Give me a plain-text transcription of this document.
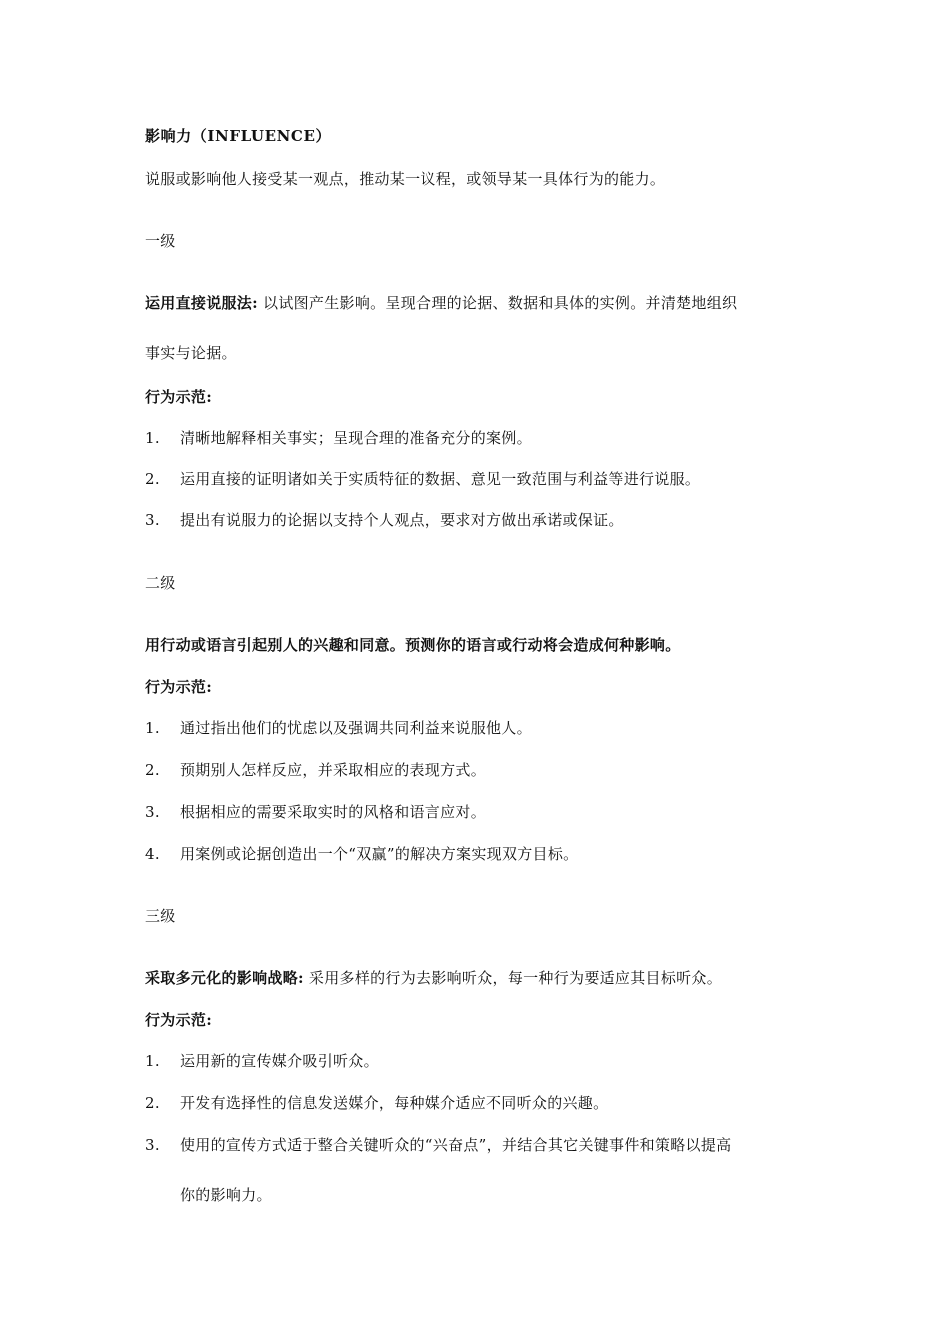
影响力（INFLUENCE）
说服或影响他人接受某一观点，推动某一议程，或领导某一具体行为的能力。
一级
运用直接说服法: 以试图产生影响。呈现合理的论据、数据和具体的实例。并清楚地组织
事实与论据。
行为示范:
1. 清晰地解释相关事实；呈现合理的准备充分的案例。
2. 运用直接的证明诸如关于实质特征的数据、意见一致范围与利益等进行说服。
3. 提出有说服力的论据以支持个人观点，要求对方做出承诺或保证。
二级
用行动或语言引起别人的兴趣和同意。预测你的语言或行动将会造成何种影响。
行为示范:
1. 通过指出他们的忧虑以及强调共同利益来说服他人。
2. 预期别人怎样反应，并采取相应的表现方式。
3. 根据相应的需要采取实时的风格和语言应对。
4. 用案例或论据创造出一个“双赢”的解决方案实现双方目标。
三级
采取多元化的影响战略: 采用多样的行为去影响听众，每一种行为要适应其目标听众。
行为示范:
1. 运用新的宣传媒介吸引听众。
2. 开发有选择性的信息发送媒介，每种媒介适应不同听众的兴趣。
3. 使用的宣传方式适于整合关键听众的“兴奋点”，并结合其它关键事件和策略以提高
你的影响力。
